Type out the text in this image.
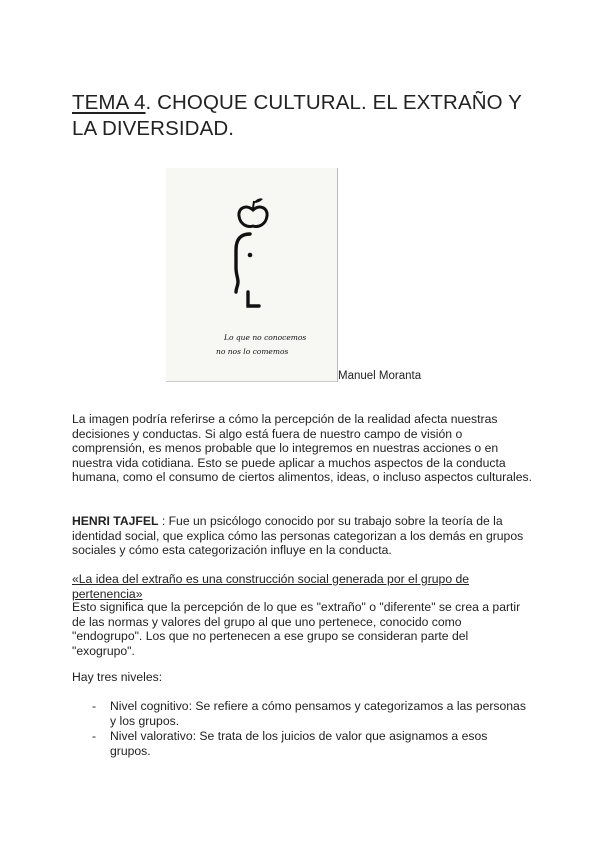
TEMA 4. CHOQUE CULTURAL. EL EXTRAÑO Y LA DIVERSIDAD.
Lo que no conocemos
no nos lo comemos
Manuel Moranta

La imagen podría referirse a cómo la percepción de la realidad afecta nuestras decisiones y conductas. Si algo está fuera de nuestro campo de visión o comprensión, es menos probable que lo integremos en nuestras acciones o en nuestra vida cotidiana. Esto se puede aplicar a muchos aspectos de la conducta humana, como el consumo de ciertos alimentos, ideas, o incluso aspectos culturales.

HENRI TAJFEL : Fue un psicólogo conocido por su trabajo sobre la teoría de la identidad social, que explica cómo las personas categorizan a los demás en grupos sociales y cómo esta categorización influye en la conducta.

«La idea del extraño es una construcción social generada por el grupo de pertenencia»

Esto significa que la percepción de lo que es "extraño" o "diferente" se crea a partir de las normas y valores del grupo al que uno pertenece, conocido como "endogrupo". Los que no pertenecen a ese grupo se consideran parte del "exogrupo".

Hay tres niveles:

- Nivel cognitivo: Se refiere a cómo pensamos y categorizamos a las personas y los grupos.

- Nivel valorativo: Se trata de los juicios de valor que asignamos a esos grupos.
